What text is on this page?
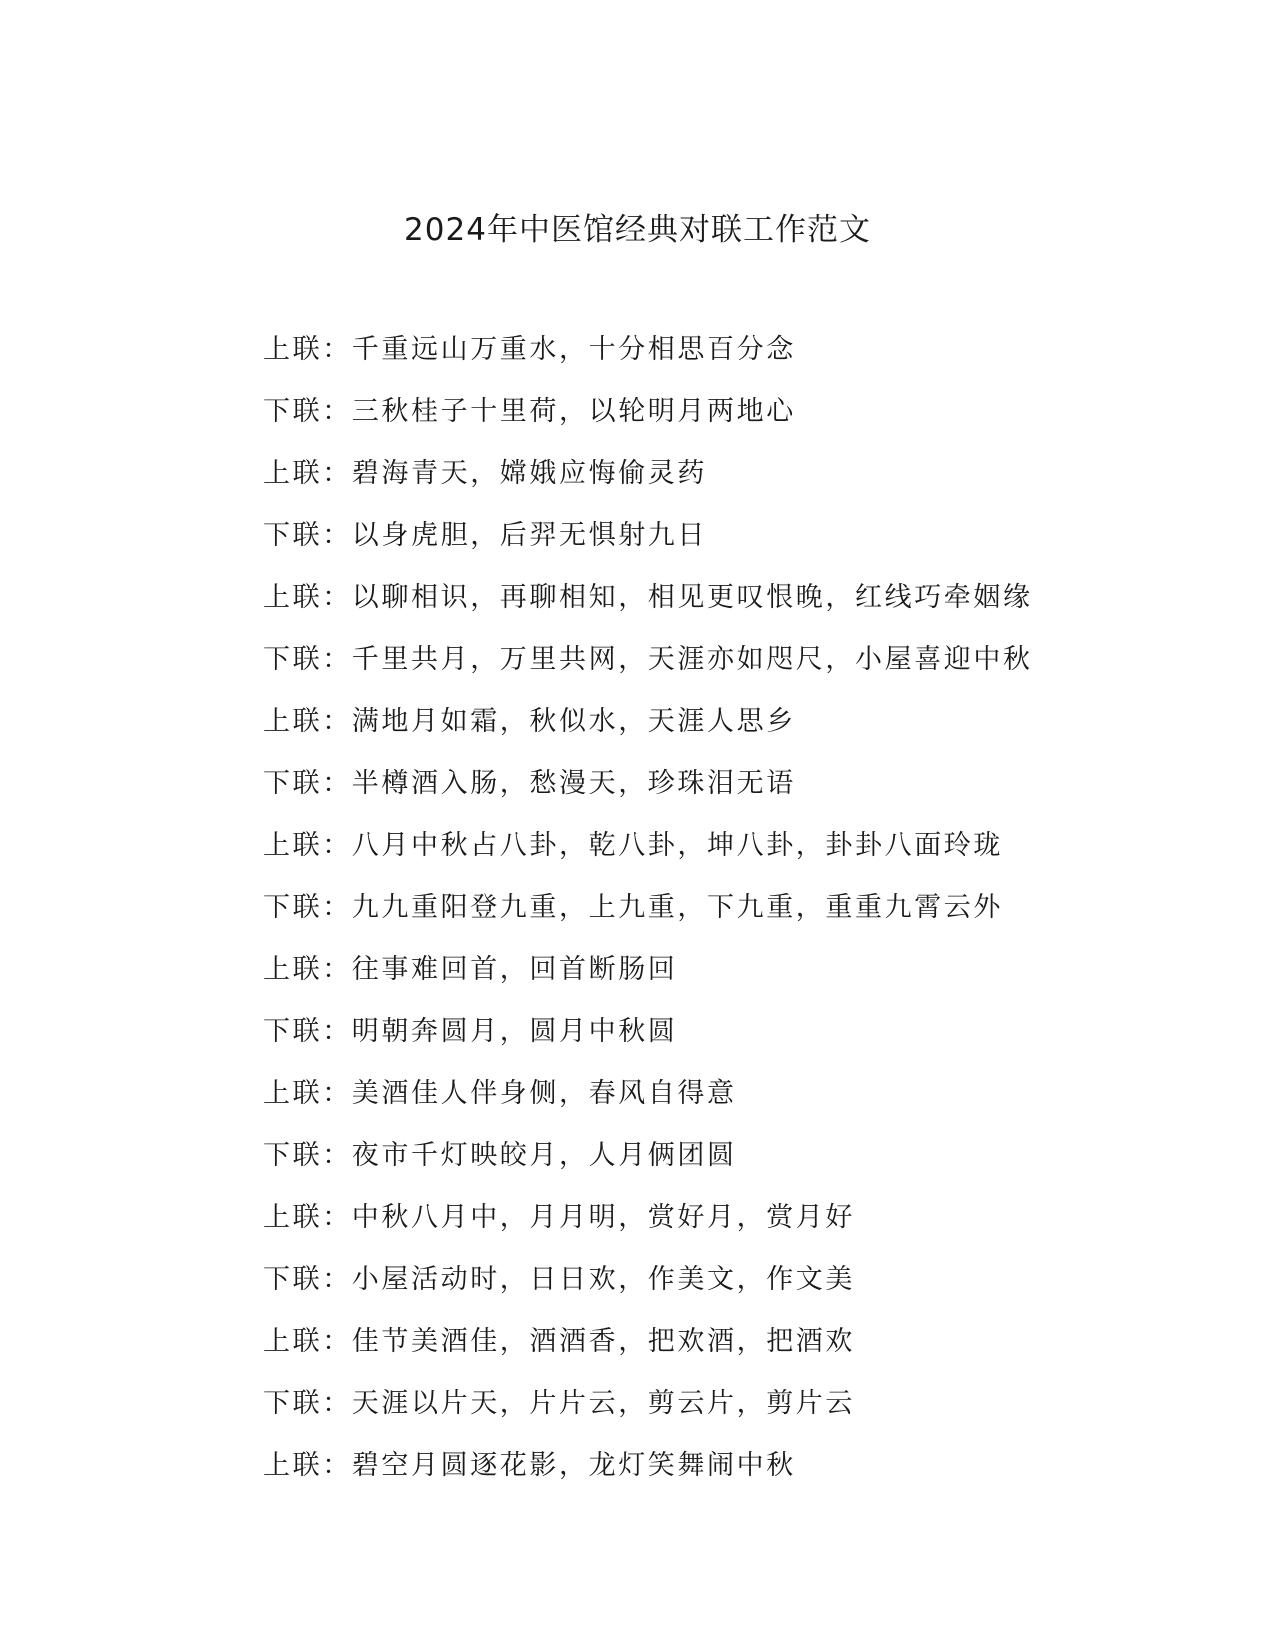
2024年中医馆经典对联工作范文
上联：千重远山万重水，十分相思百分念
下联：三秋桂子十里荷，以轮明月两地心
上联：碧海青天，嫦娥应悔偷灵药
下联：以身虎胆，后羿无惧射九日
上联：以聊相识，再聊相知，相见更叹恨晚，红线巧牵姻缘
下联：千里共月，万里共网，天涯亦如咫尺，小屋喜迎中秋
上联：满地月如霜，秋似水，天涯人思乡
下联：半樽酒入肠，愁漫天，珍珠泪无语
上联：八月中秋占八卦，乾八卦，坤八卦，卦卦八面玲珑
下联：九九重阳登九重，上九重，下九重，重重九霄云外
上联：往事难回首，回首断肠回
下联：明朝奔圆月，圆月中秋圆
上联：美酒佳人伴身侧，春风自得意
下联：夜市千灯映皎月，人月俩团圆
上联：中秋八月中，月月明，赏好月，赏月好
下联：小屋活动时，日日欢，作美文，作文美
上联：佳节美酒佳，酒酒香，把欢酒，把酒欢
下联：天涯以片天，片片云，剪云片，剪片云
上联：碧空月圆逐花影，龙灯笑舞闹中秋
